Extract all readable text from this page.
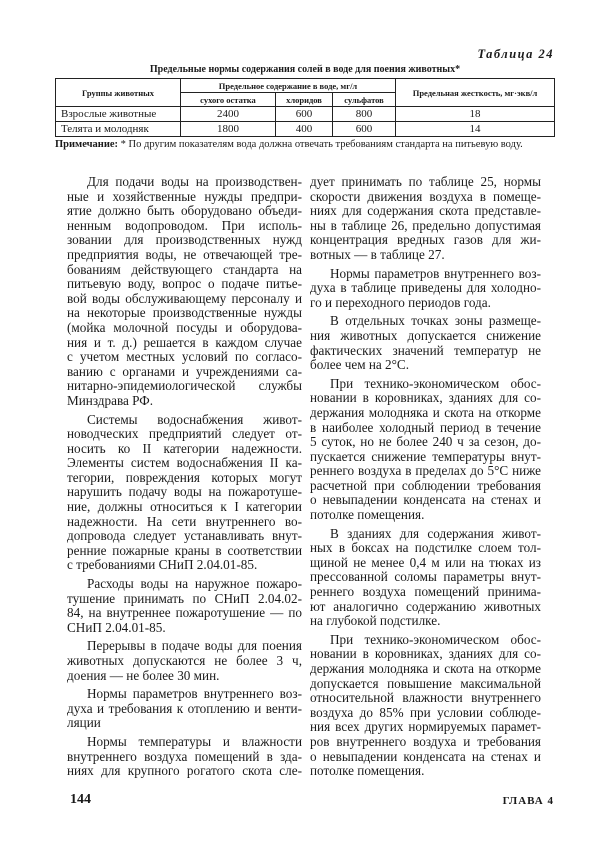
Таблица 24
Предельные нормы содержания солей в воде для поения животных*
Группы животных	Предельное содержание в воде, мг/л			Предельная жесткость, мг·экв/л
	сухого остатка	хлоридов	сульфатов	
Взрослые животные	2400	600	800	18
Телята и молодняк	1800	400	600	14
Примечание: * По другим показателям вода должна отвечать требованиям стандарта на питьевую воду.
Для подачи воды на производствен-
ные и хозяйственные нужды предпри-
ятие должно быть оборудовано объеди-
ненным водопроводом. При исполь-
зовании для производственных нужд
предприятия воды, не отвечающей тре-
бованиям действующего стандарта на
питьевую воду, вопрос о подаче питье-
вой воды обслуживающему персоналу и
на некоторые производственные нужды
(мойка молочной посуды и оборудова-
ния и т. д.) решается в каждом случае
с учетом местных условий по согласо-
ванию с органами и учреждениями са-
нитарно-эпидемиологической службы
Минздрава РФ.
Системы водоснабжения живот-
новодческих предприятий следует от-
носить ко II категории надежности.
Элементы систем водоснабжения II ка-
тегории, повреждения которых могут
нарушить подачу воды на пожаротуше-
ние, должны относиться к I категории
надежности. На сети внутреннего во-
допровода следует устанавливать внут-
ренние пожарные краны в соответствии
с требованиями СНиП 2.04.01-85.
Расходы воды на наружное пожаро-
тушение принимать по СНиП 2.04.02-
84, на внутреннее пожаротушение — по
СНиП 2.04.01-85.
Перерывы в подаче воды для поения
животных допускаются не более 3 ч,
доения — не более 30 мин.
Нормы параметров внутреннего воз-
духа и требования к отоплению и венти-
ляции
Нормы температуры и влажности
внутреннего воздуха помещений в зда-
ниях для крупного рогатого скота сле-
дует принимать по таблице 25, нормы
скорости движения воздуха в помеще-
ниях для содержания скота представле-
ны в таблице 26, предельно допустимая
концентрация вредных газов для жи-
вотных — в таблице 27.
Нормы параметров внутреннего воз-
духа в таблице приведены для холодно-
го и переходного периодов года.
В отдельных точках зоны размеще-
ния животных допускается снижение
фактических значений температур не
более чем на 2°С.
При технико-экономическом обос-
новании в коровниках, зданиях для со-
держания молодняка и скота на откорме
в наиболее холодный период в течение
5 суток, но не более 240 ч за сезон, до-
пускается снижение температуры внут-
реннего воздуха в пределах до 5°С ниже
расчетной при соблюдении требования
о невыпадении конденсата на стенах и
потолке помещения.
В зданиях для содержания живот-
ных в боксах на подстилке слоем тол-
щиной не менее 0,4 м или на тюках из
прессованной соломы параметры внут-
реннего воздуха помещений принима-
ют аналогично содержанию животных
на глубокой подстилке.
При технико-экономическом обос-
новании в коровниках, зданиях для со-
держания молодняка и скота на откорме
допускается повышение максимальной
относительной влажности внутреннего
воздуха до 85% при условии соблюде-
ния всех других нормируемых парамет-
ров внутреннего воздуха и требования
о невыпадении конденсата на стенах и
потолке помещения.
144	ГЛАВА 4
